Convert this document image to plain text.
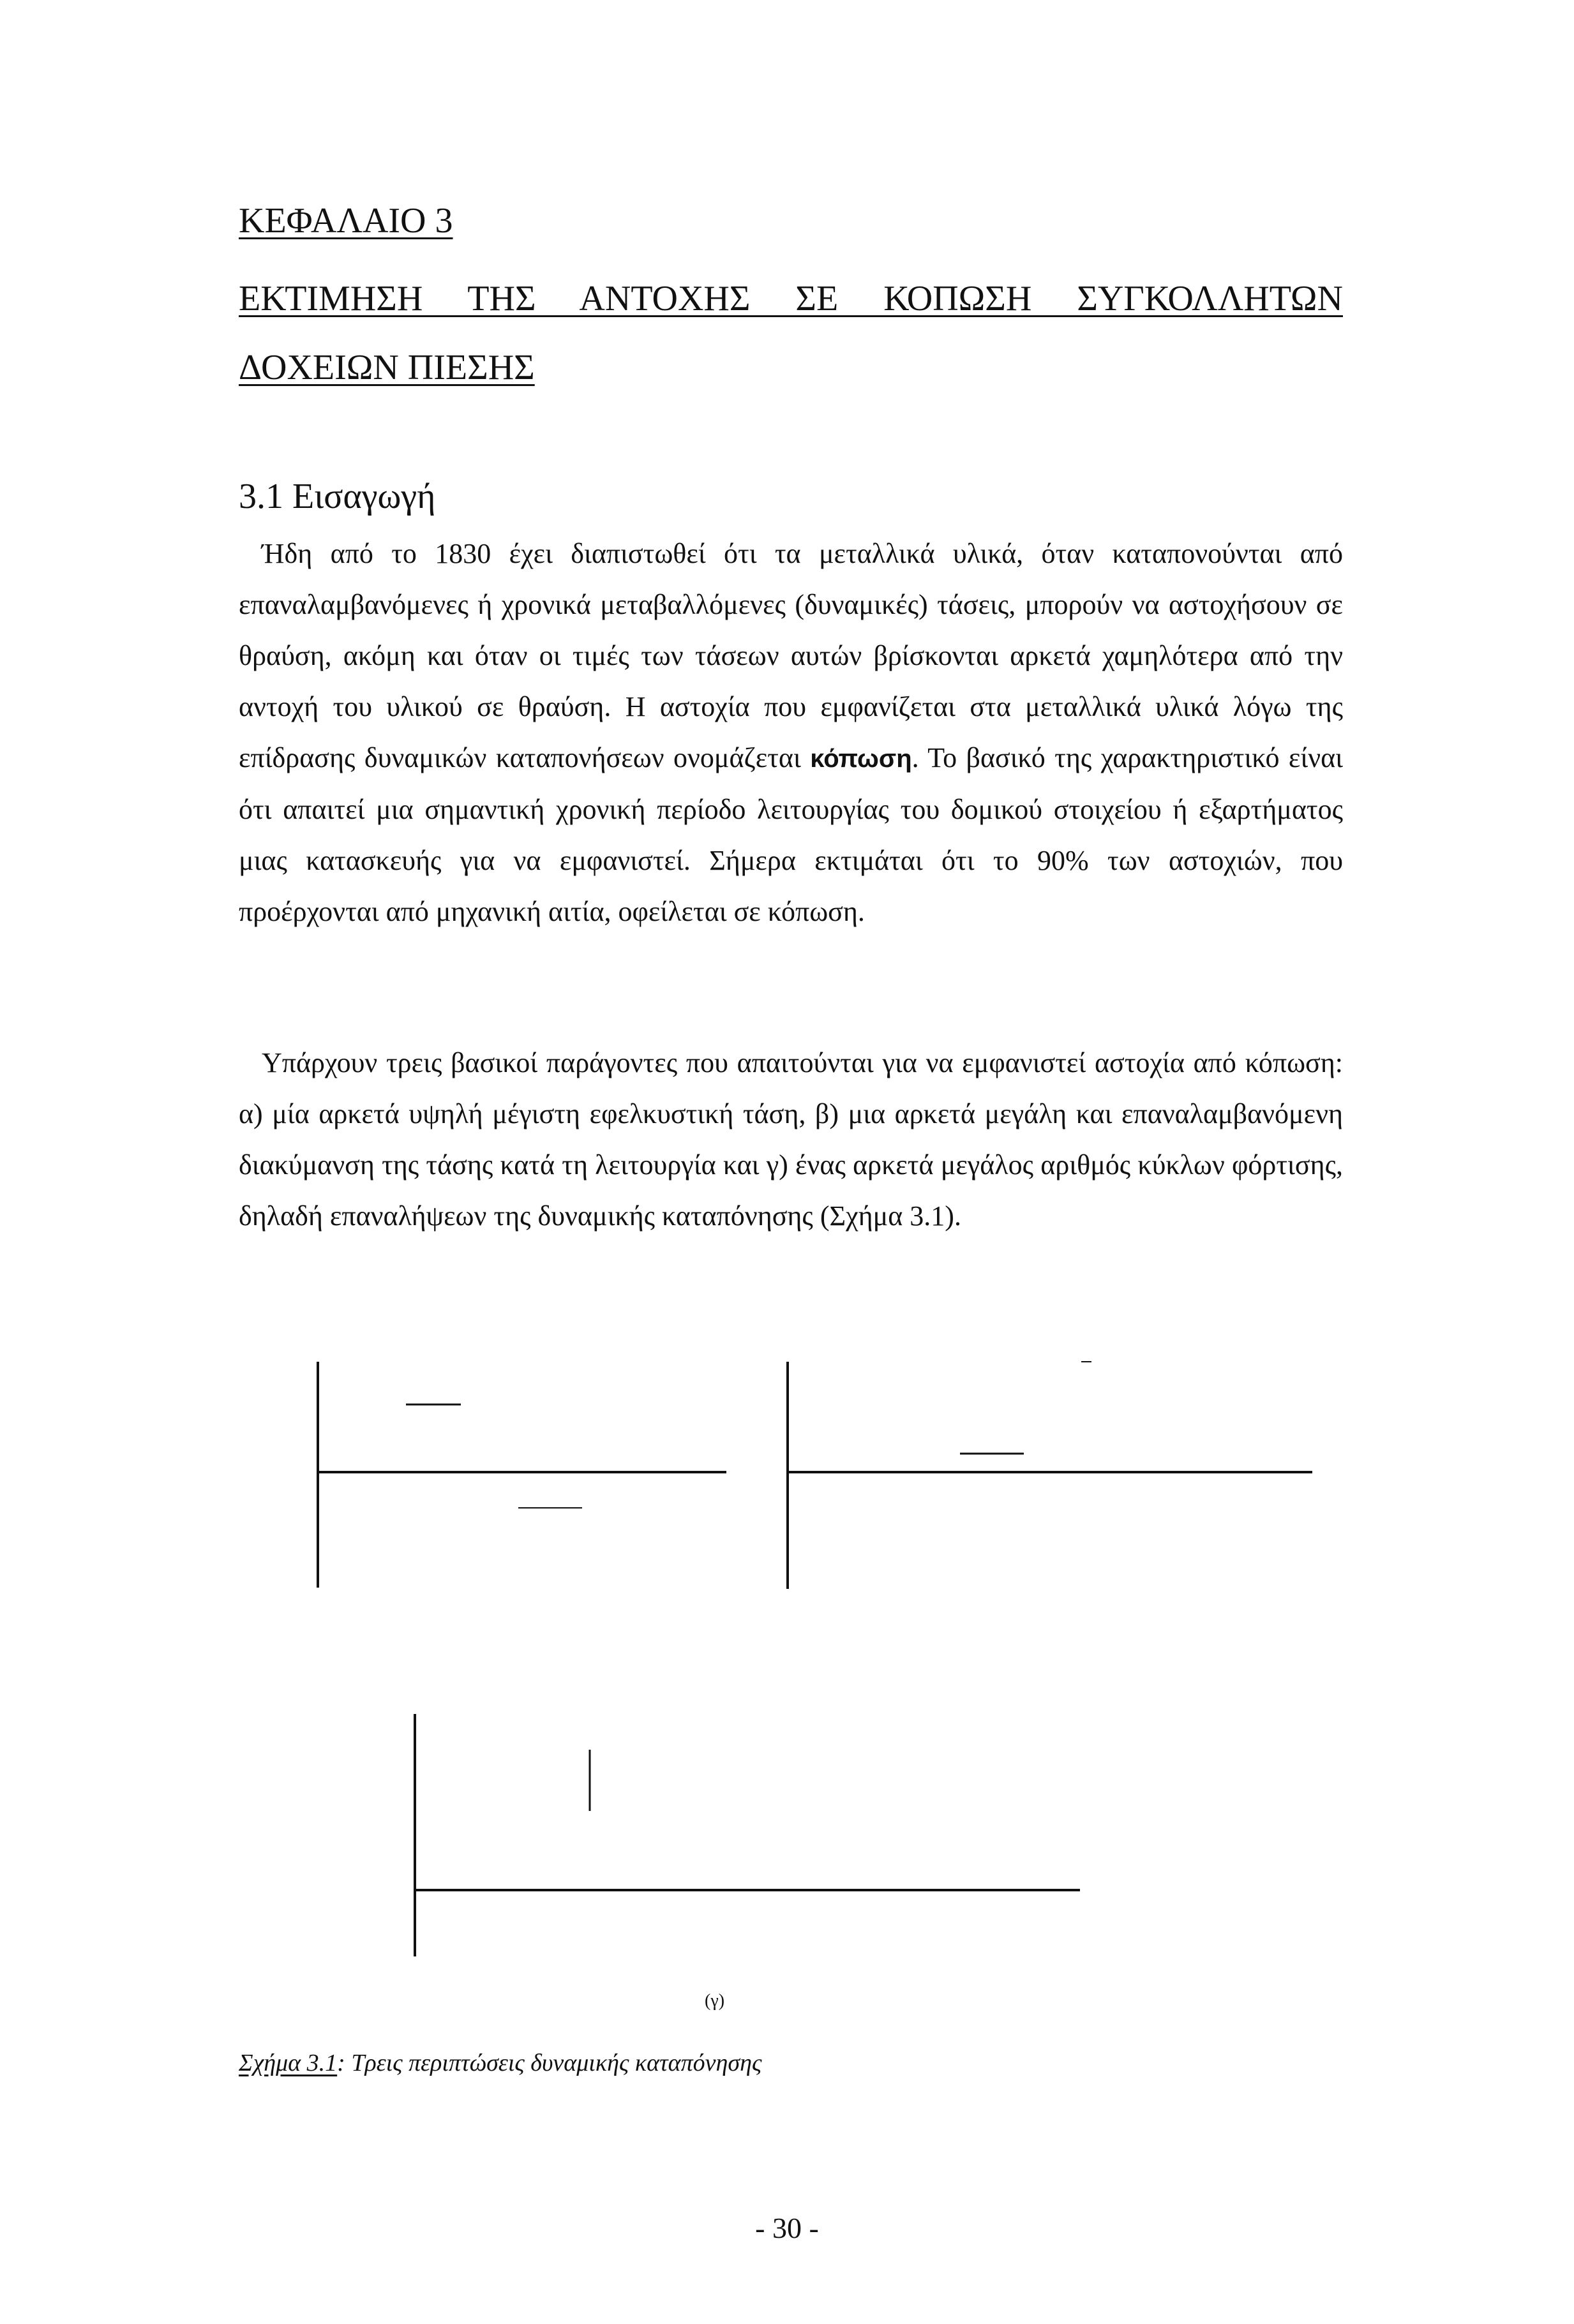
ΚΕΦΑΛΑΙΟ 3
ΕΚΤΙΜΗΣΗ ΤΗΣ ΑΝΤΟΧΗΣ ΣΕ ΚΟΠΩΣΗ ΣΥΓΚΟΛΛΗΤΩΝ
ΔΟΧΕΙΩΝ ΠΙΕΣΗΣ
3.1 Εισαγωγή

Ήδη από το 1830 έχει διαπιστωθεί ότι τα μεταλλικά υλικά, όταν καταπονούνται από επαναλαμβανόμενες ή χρονικά μεταβαλλόμενες (δυναμικές) τάσεις, μπορούν να αστοχήσουν σε θραύση, ακόμη και όταν οι τιμές των τάσεων αυτών βρίσκονται αρκετά χαμηλότερα από την αντοχή του υλικού σε θραύση. Η αστοχία που εμφανίζεται στα μεταλλικά υλικά λόγω της επίδρασης δυναμικών καταπονήσεων ονομάζεται κόπωση. Το βασικό της χαρακτηριστικό είναι ότι απαιτεί μια σημαντική χρονική περίοδο λειτουργίας του δομικού στοιχείου ή εξαρτήματος μιας κατασκευής για να εμφανιστεί. Σήμερα εκτιμάται ότι το 90% των αστοχιών, που προέρχονται από μηχανική αιτία, οφείλεται σε κόπωση.

Υπάρχουν τρεις βασικοί παράγοντες που απαιτούνται για να εμφανιστεί αστοχία από κόπωση: α) μία αρκετά υψηλή μέγιστη εφελκυστική τάση, β) μια αρκετά μεγάλη και επαναλαμβανόμενη διακύμανση της τάσης κατά τη λειτουργία και γ) ένας αρκετά μεγάλος αριθμός κύκλων φόρτισης, δηλαδή επαναλήψεων της δυναμικής καταπόνησης (Σχήμα 3.1).

(γ)
Σχήμα 3.1: Τρεις περιπτώσεις δυναμικής καταπόνησης
- 30 -
